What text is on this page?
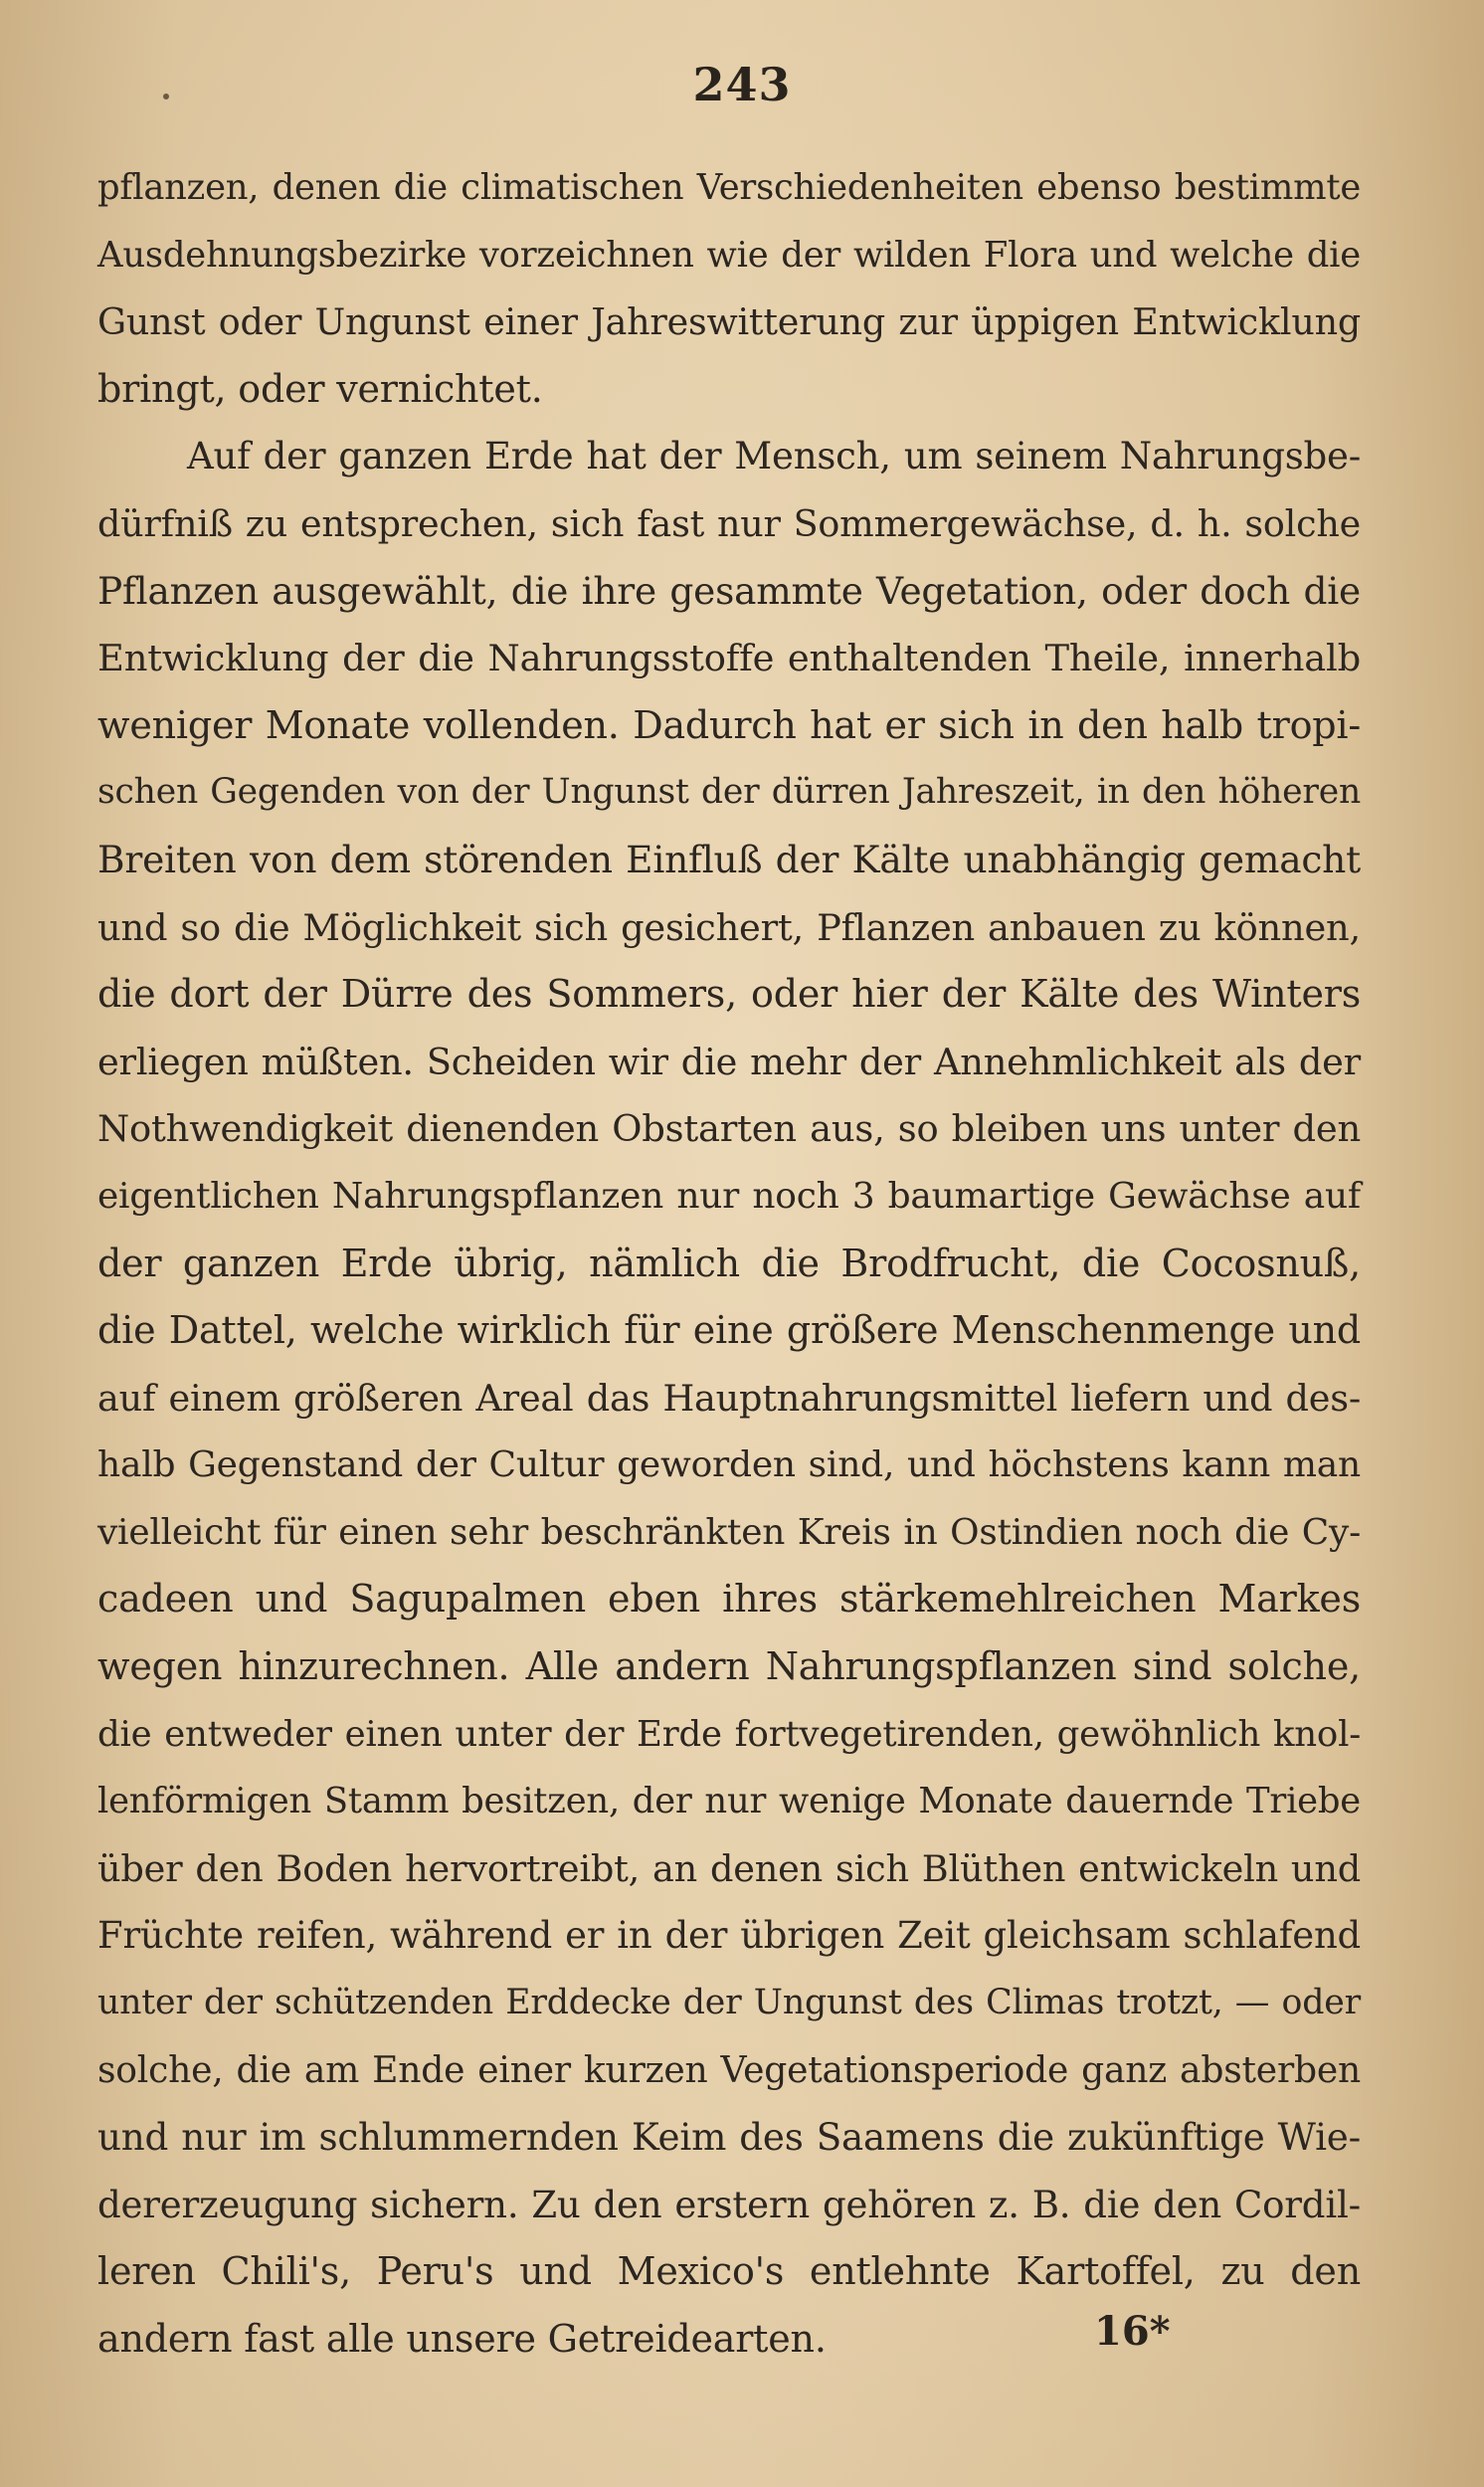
243
pflanzen, denen die climatischen Verschiedenheiten ebenso bestimmte
Ausdehnungsbezirke vorzeichnen wie der wilden Flora und welche die
Gunst oder Ungunst einer Jahreswitterung zur üppigen Entwicklung
bringt, oder vernichtet.
Auf der ganzen Erde hat der Mensch, um seinem Nahrungsbe-
dürfniß zu entsprechen, sich fast nur Sommergewächse, d. h. solche
Pflanzen ausgewählt, die ihre gesammte Vegetation, oder doch die
Entwicklung der die Nahrungsstoffe enthaltenden Theile, innerhalb
weniger Monate vollenden. Dadurch hat er sich in den halb tropi-
schen Gegenden von der Ungunst der dürren Jahreszeit, in den höheren
Breiten von dem störenden Einfluß der Kälte unabhängig gemacht
und so die Möglichkeit sich gesichert, Pflanzen anbauen zu können,
die dort der Dürre des Sommers, oder hier der Kälte des Winters
erliegen müßten. Scheiden wir die mehr der Annehmlichkeit als der
Nothwendigkeit dienenden Obstarten aus, so bleiben uns unter den
eigentlichen Nahrungspflanzen nur noch 3 baumartige Gewächse auf
der ganzen Erde übrig, nämlich die Brodfrucht, die Cocosnuß,
die Dattel, welche wirklich für eine größere Menschenmenge und
auf einem größeren Areal das Hauptnahrungsmittel liefern und des-
halb Gegenstand der Cultur geworden sind, und höchstens kann man
vielleicht für einen sehr beschränkten Kreis in Ostindien noch die Cy-
cadeen und Sagupalmen eben ihres stärkemehlreichen Markes
wegen hinzurechnen. Alle andern Nahrungspflanzen sind solche,
die entweder einen unter der Erde fortvegetirenden, gewöhnlich knol-
lenförmigen Stamm besitzen, der nur wenige Monate dauernde Triebe
über den Boden hervortreibt, an denen sich Blüthen entwickeln und
Früchte reifen, während er in der übrigen Zeit gleichsam schlafend
unter der schützenden Erddecke der Ungunst des Climas trotzt, — oder
solche, die am Ende einer kurzen Vegetationsperiode ganz absterben
und nur im schlummernden Keim des Saamens die zukünftige Wie-
dererzeugung sichern. Zu den erstern gehören z. B. die den Cordil-
leren Chili's, Peru's und Mexico's entlehnte Kartoffel, zu den
andern fast alle unsere Getreidearten.	16*
